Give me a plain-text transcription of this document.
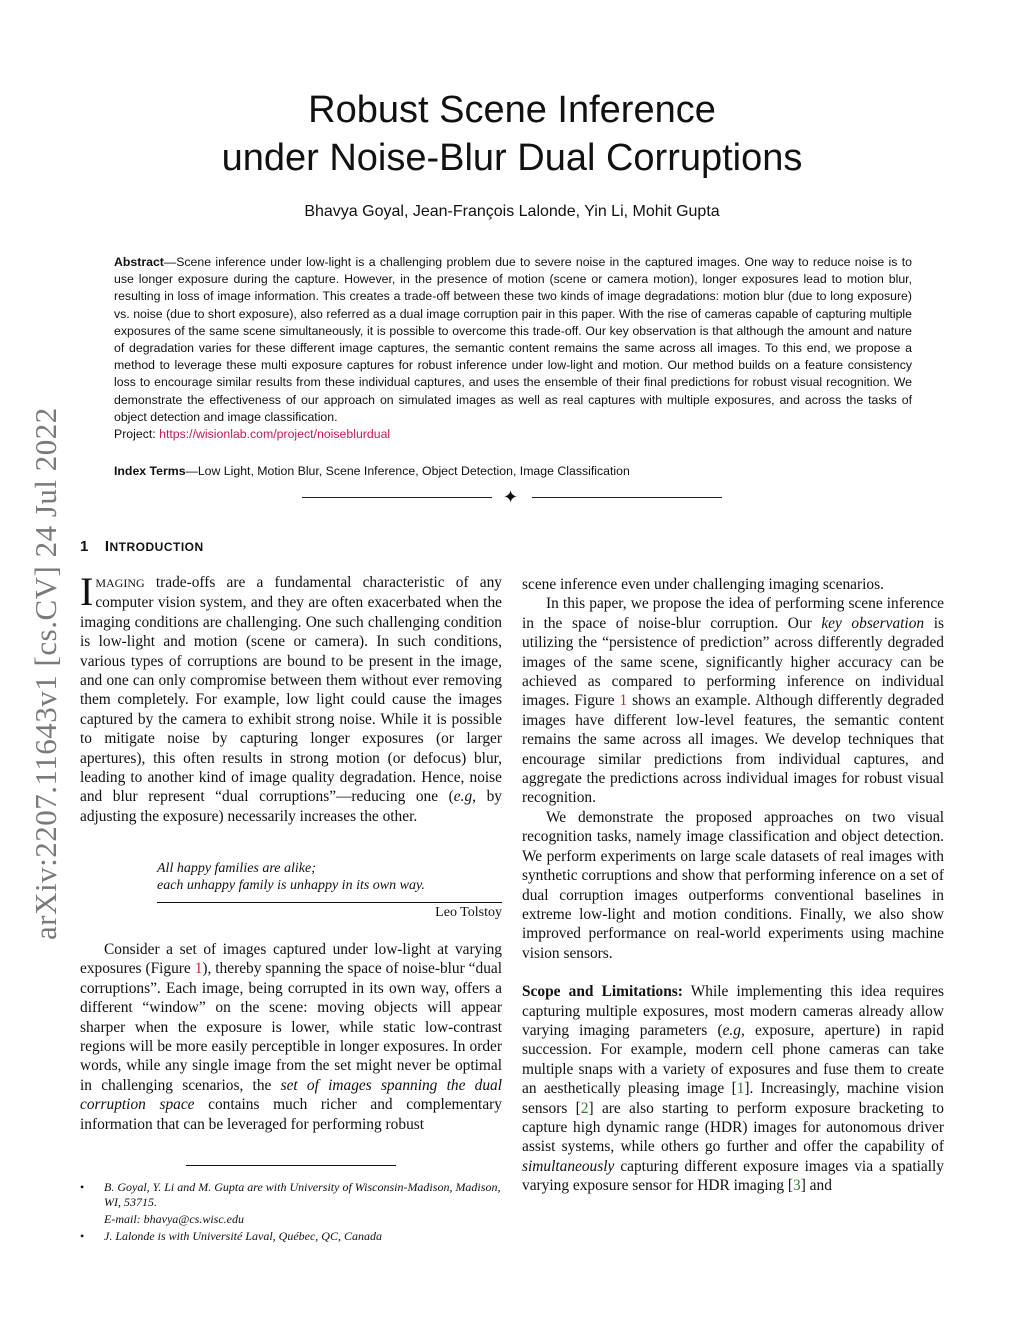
arXiv:2207.11643v1 [cs.CV] 24 Jul 2022
Robust Scene Inference
under Noise-Blur Dual Corruptions
Bhavya Goyal, Jean-François Lalonde, Yin Li, Mohit Gupta
Abstract—Scene inference under low-light is a challenging problem due to severe noise in the captured images. One way to reduce noise is to use longer exposure during the capture. However, in the presence of motion (scene or camera motion), longer exposures lead to motion blur, resulting in loss of image information. This creates a trade-off between these two kinds of image degradations: motion blur (due to long exposure) vs. noise (due to short exposure), also referred as a dual image corruption pair in this paper. With the rise of cameras capable of capturing multiple exposures of the same scene simultaneously, it is possible to overcome this trade-off. Our key observation is that although the amount and nature of degradation varies for these different image captures, the semantic content remains the same across all images. To this end, we propose a method to leverage these multi exposure captures for robust inference under low-light and motion. Our method builds on a feature consistency loss to encourage similar results from these individual captures, and uses the ensemble of their final predictions for robust visual recognition. We demonstrate the effectiveness of our approach on simulated images as well as real captures with multiple exposures, and across the tasks of object detection and image classification.
Project: https://wisionlab.com/project/noiseblurdual
Index Terms—Low Light, Motion Blur, Scene Inference, Object Detection, Image Classification
✦
1 INTRODUCTION

IMAGING trade-offs are a fundamental characteristic of any computer vision system, and they are often exacerbated when the imaging conditions are challenging. One such challenging condition is low-light and motion (scene or camera). In such conditions, various types of corruptions are bound to be present in the image, and one can only compromise between them without ever removing them completely. For example, low light could cause the images captured by the camera to exhibit strong noise. While it is possible to mitigate noise by capturing longer exposures (or larger apertures), this often results in strong motion (or defocus) blur, leading to another kind of image quality degradation. Hence, noise and blur represent “dual corruptions”—reducing one (e.g, by adjusting the exposure) necessarily increases the other.

All happy families are alike;
each unhappy family is unhappy in its own way.
Leo Tolstoy

Consider a set of images captured under low-light at varying exposures (Figure 1), thereby spanning the space of noise-blur “dual corruptions”. Each image, being corrupted in its own way, offers a different “window” on the scene: moving objects will appear sharper when the exposure is lower, while static low-contrast regions will be more easily perceptible in longer exposures. In order words, while any single image from the set might never be optimal in challenging scenarios, the set of images spanning the dual corruption space contains much richer and complementary information that can be leveraged for performing robust

• B. Goyal, Y. Li and M. Gupta are with University of Wisconsin-Madison, Madison, WI, 53715.
E-mail: bhavya@cs.wisc.edu
• J. Lalonde is with Université Laval, Québec, QC, Canada

scene inference even under challenging imaging scenarios.

In this paper, we propose the idea of performing scene inference in the space of noise-blur corruption. Our key observation is utilizing the “persistence of prediction” across differently degraded images of the same scene, significantly higher accuracy can be achieved as compared to performing inference on individual images. Figure 1 shows an example. Although differently degraded images have different low-level features, the semantic content remains the same across all images. We develop techniques that encourage similar predictions from individual captures, and aggregate the predictions across individual images for robust visual recognition.

We demonstrate the proposed approaches on two visual recognition tasks, namely image classification and object detection. We perform experiments on large scale datasets of real images with synthetic corruptions and show that performing inference on a set of dual corruption images outperforms conventional baselines in extreme low-light and motion conditions. Finally, we also show improved performance on real-world experiments using machine vision sensors.

Scope and Limitations: While implementing this idea requires capturing multiple exposures, most modern cameras already allow varying imaging parameters (e.g, exposure, aperture) in rapid succession. For example, modern cell phone cameras can take multiple snaps with a variety of exposures and fuse them to create an aesthetically pleasing image [1]. Increasingly, machine vision sensors [2] are also starting to perform exposure bracketing to capture high dynamic range (HDR) images for autonomous driver assist systems, while others go further and offer the capability of simultaneously capturing different exposure images via a spatially varying exposure sensor for HDR imaging [3] and
